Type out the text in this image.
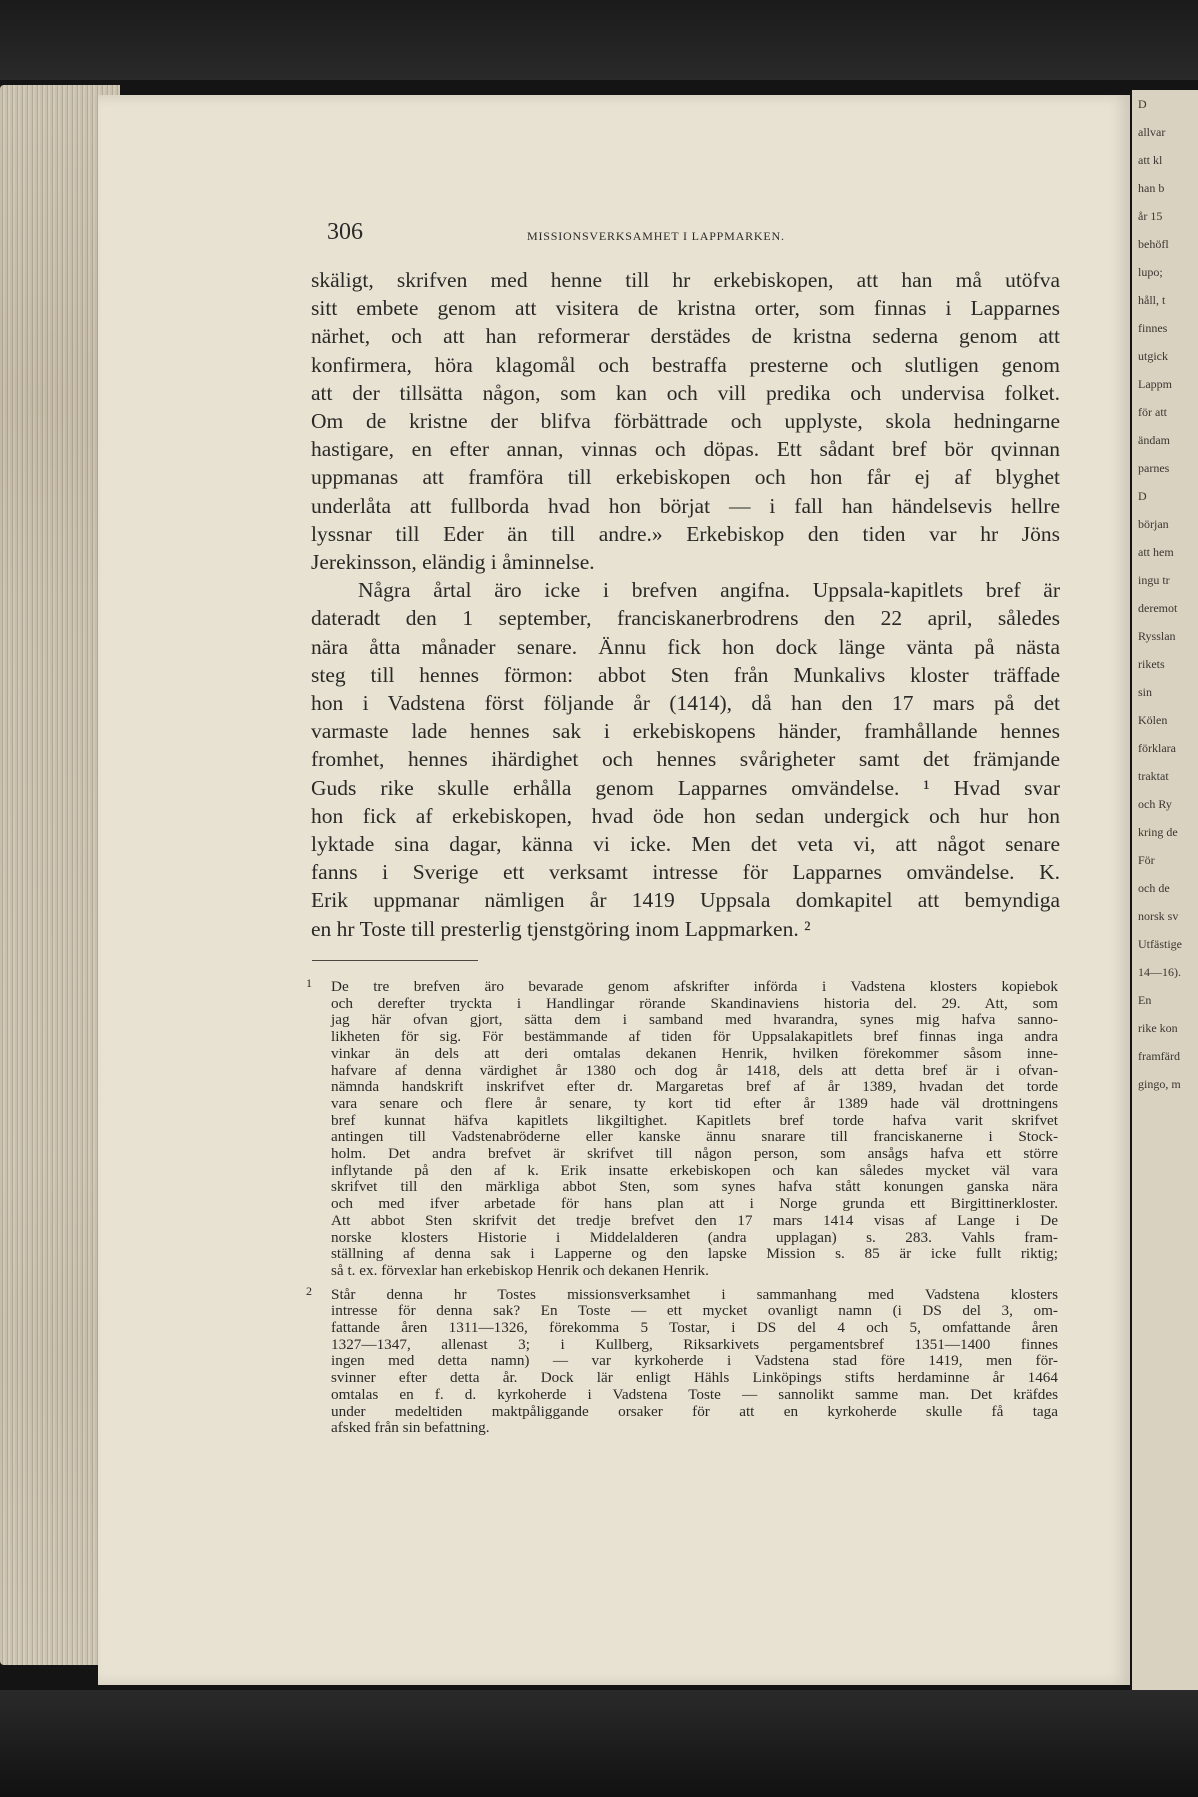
D
allvar
att kl
han b
år 15
behöfl
lupo;
håll, t
finnes
utgick
Lappm
för att
ändam
parnes
D
början
att hem
ingu tr
deremot
Rysslan
rikets
sin
Kölen
förklara
traktat
och Ry
kring de
För
och de
norsk sv
Utfästige
14—16).
En
rike kon
framfärd
gingo, m
306	MISSIONSVERKSAMHET I LAPPMARKEN.
skäligt, skrifven med henne till hr erkebiskopen, att han må utöfva
sitt embete genom att visitera de kristna orter, som finnas i Lapparnes
närhet, och att han reformerar derstädes de kristna sederna genom att
konfirmera, höra klagomål och bestraffa presterne och slutligen genom
att der tillsätta någon, som kan och vill predika och undervisa folket.
Om de kristne der blifva förbättrade och upplyste, skola hedningarne
hastigare, en efter annan, vinnas och döpas. Ett sådant bref bör qvinnan
uppmanas att framföra till erkebiskopen och hon får ej af blyghet
underlåta att fullborda hvad hon börjat — i fall han händelsevis hellre
lyssnar till Eder än till andre.» Erkebiskop den tiden var hr Jöns
Jerekinsson, eländig i åminnelse.
Några årtal äro icke i brefven angifna. Uppsala-kapitlets bref är
dateradt den 1 september, franciskanerbrodrens den 22 april, således
nära åtta månader senare. Ännu fick hon dock länge vänta på nästa
steg till hennes förmon: abbot Sten från Munkalivs kloster träffade
hon i Vadstena först följande år (1414), då han den 17 mars på det
varmaste lade hennes sak i erkebiskopens händer, framhållande hennes
fromhet, hennes ihärdighet och hennes svårigheter samt det främjande
Guds rike skulle erhålla genom Lapparnes omvändelse. ¹ Hvad svar
hon fick af erkebiskopen, hvad öde hon sedan undergick och hur hon
lyktade sina dagar, känna vi icke. Men det veta vi, att något senare
fanns i Sverige ett verksamt intresse för Lapparnes omvändelse. K.
Erik uppmanar nämligen år 1419 Uppsala domkapitel att bemyndiga
en hr Toste till presterlig tjenstgöring inom Lappmarken. ²
1 De tre brefven äro bevarade genom afskrifter införda i Vadstena klosters kopiebok
och derefter tryckta i Handlingar rörande Skandinaviens historia del. 29. Att, som
jag här ofvan gjort, sätta dem i samband med hvarandra, synes mig hafva sanno-
likheten för sig. För bestämmande af tiden för Uppsalakapitlets bref finnas inga andra
vinkar än dels att deri omtalas dekanen Henrik, hvilken förekommer såsom inne-
hafvare af denna värdighet år 1380 och dog år 1418, dels att detta bref är i ofvan-
nämnda handskrift inskrifvet efter dr. Margaretas bref af år 1389, hvadan det torde
vara senare och flere år senare, ty kort tid efter år 1389 hade väl drottningens
bref kunnat häfva kapitlets likgiltighet. Kapitlets bref torde hafva varit skrifvet
antingen till Vadstenabröderne eller kanske ännu snarare till franciskanerne i Stock-
holm. Det andra brefvet är skrifvet till någon person, som ansågs hafva ett större
inflytande på den af k. Erik insatte erkebiskopen och kan således mycket väl vara
skrifvet till den märkliga abbot Sten, som synes hafva stått konungen ganska nära
och med ifver arbetade för hans plan att i Norge grunda ett Birgittinerkloster.
Att abbot Sten skrifvit det tredje brefvet den 17 mars 1414 visas af Lange i De
norske klosters Historie i Middelalderen (andra upplagan) s. 283. Vahls fram-
ställning af denna sak i Lapperne og den lapske Mission s. 85 är icke fullt riktig;
så t. ex. förvexlar han erkebiskop Henrik och dekanen Henrik.
2 Står denna hr Tostes missionsverksamhet i sammanhang med Vadstena klosters
intresse för denna sak? En Toste — ett mycket ovanligt namn (i DS del 3, om-
fattande åren 1311—1326, förekomma 5 Tostar, i DS del 4 och 5, omfattande åren
1327—1347, allenast 3; i Kullberg, Riksarkivets pergamentsbref 1351—1400 finnes
ingen med detta namn) — var kyrkoherde i Vadstena stad före 1419, men för-
svinner efter detta år. Dock lär enligt Hähls Linköpings stifts herdaminne år 1464
omtalas en f. d. kyrkoherde i Vadstena Toste — sannolikt samme man. Det kräfdes
under medeltiden maktpåliggande orsaker för att en kyrkoherde skulle få taga
afsked från sin befattning.
